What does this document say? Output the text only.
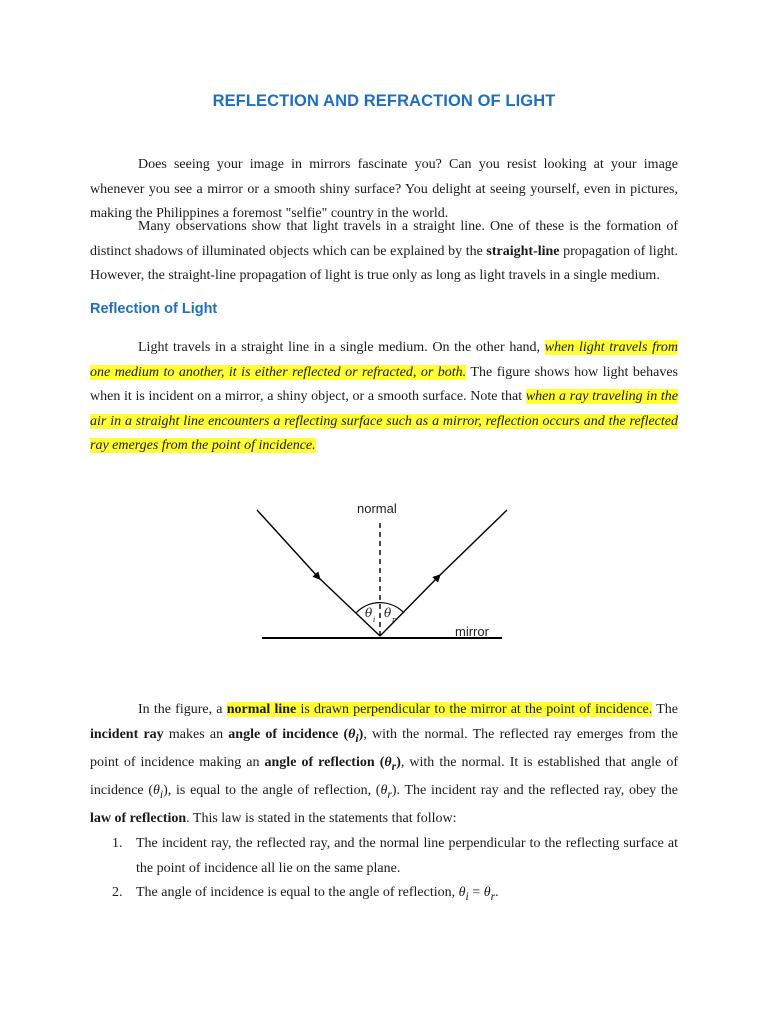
REFLECTION AND REFRACTION OF LIGHT

Does seeing your image in mirrors fascinate you? Can you resist looking at your image whenever you see a mirror or a smooth shiny surface? You delight at seeing yourself, even in pictures, making the Philippines a foremost "selfie" country in the world.

Many observations show that light travels in a straight line. One of these is the formation of distinct shadows of illuminated objects which can be explained by the straight-line propagation of light. However, the straight-line propagation of light is true only as long as light travels in a single medium.

Reflection of Light

Light travels in a straight line in a single medium. On the other hand, when light travels from one medium to another, it is either reflected or refracted, or both. The figure shows how light behaves when it is incident on a mirror, a shiny object, or a smooth surface. Note that when a ray traveling in the air in a straight line encounters a reflecting surface such as a mirror, reflection occurs and the reflected ray emerges from the point of incidence.

normal
mirror
θ i θ r

In the figure, a normal line is drawn perpendicular to the mirror at the point of incidence. The incident ray makes an angle of incidence $(\theta_i)$, with the normal. The reflected ray emerges from the point of incidence making an angle of reflection $(\theta_r)$, with the normal. It is established that angle of incidence $(\theta_i)$, is equal to the angle of reflection, $(\theta_r)$. The incident ray and the reflected ray, obey the law of reflection. This law is stated in the statements that follow:

1. The incident ray, the reflected ray, and the normal line perpendicular to the reflecting surface at the point of incidence all lie on the same plane.
2. The angle of incidence is equal to the angle of reflection, $\theta_i = \theta_r$.
